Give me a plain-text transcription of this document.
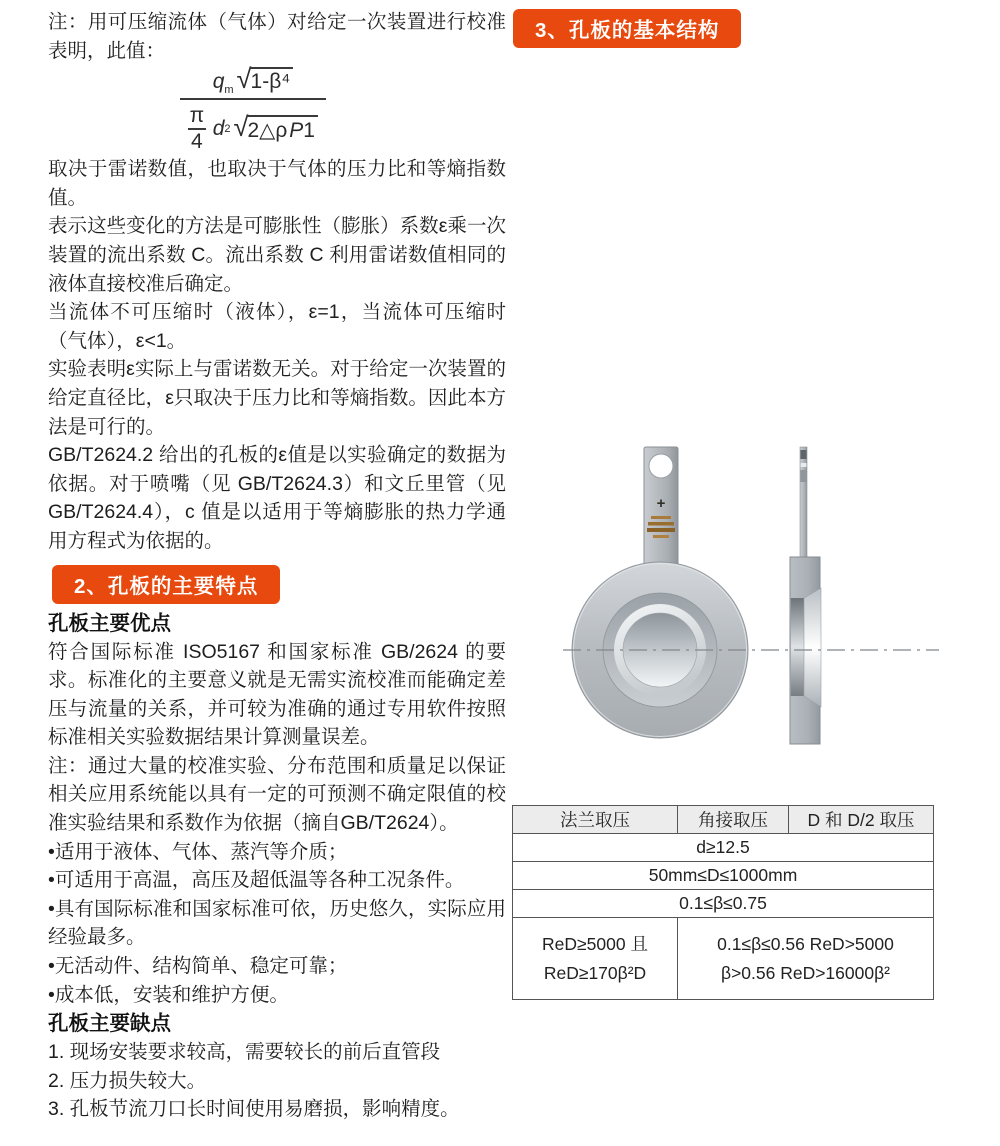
注：用可压缩流体（气体）对给定一次装置进行校准表明，此值：

$q_m$ √ 1-β⁴
π
4
d 2 √ 2△ρP1

取决于雷诺数值，也取决于气体的压力比和等熵指数值。

表示这些变化的方法是可膨胀性（膨胀）系数ε乘一次装置的流出系数 C。流出系数 C 利用雷诺数值相同的液体直接校准后确定。

当流体不可压缩时（液体），ε=1，当流体可压缩时（气体），ε<1。

实验表明ε实际上与雷诺数无关。对于给定一次装置的给定直径比，ε只取决于压力比和等熵指数。因此本方法是可行的。

GB/T2624.2 给出的孔板的ε值是以实验确定的数据为依据。对于喷嘴（见 GB/T2624.3）和文丘里管（见 GB/T2624.4），c 值是以适用于等熵膨胀的热力学通用方程式为依据的。

2、孔板的主要特点

孔板主要优点

符合国际标准 ISO5167 和国家标准 GB/2624 的要求。标准化的主要意义就是无需实流校准而能确定差压与流量的关系，并可较为准确的通过专用软件按照标准相关实验数据结果计算测量误差。

注：通过大量的校准实验、分布范围和质量足以保证相关应用系统能以具有一定的可预测不确定限值的校准实验结果和系数作为依据（摘自GB/T2624）。

•适用于液体、气体、蒸汽等介质；

•可适用于高温，高压及超低温等各种工况条件。

•具有国际标准和国家标准可依，历史悠久，实际应用经验最多。

•无活动件、结构简单、稳定可靠；

•成本低，安装和维护方便。

孔板主要缺点

1. 现场安装要求较高，需要较长的前后直管段

2. 压力损失较大。

3. 孔板节流刀口长时间使用易磨损，影响精度。

3、孔板的基本结构
+
法兰取压	角接取压	D 和 D/2 取压
d≥12.5		
50mm≤D≤1000mm		
0.1≤β≤0.75		

ReD≥5000 且
ReD≥170β²D

0.1≤β≤0.56 ReD>5000
β>0.56 ReD>16000β²
